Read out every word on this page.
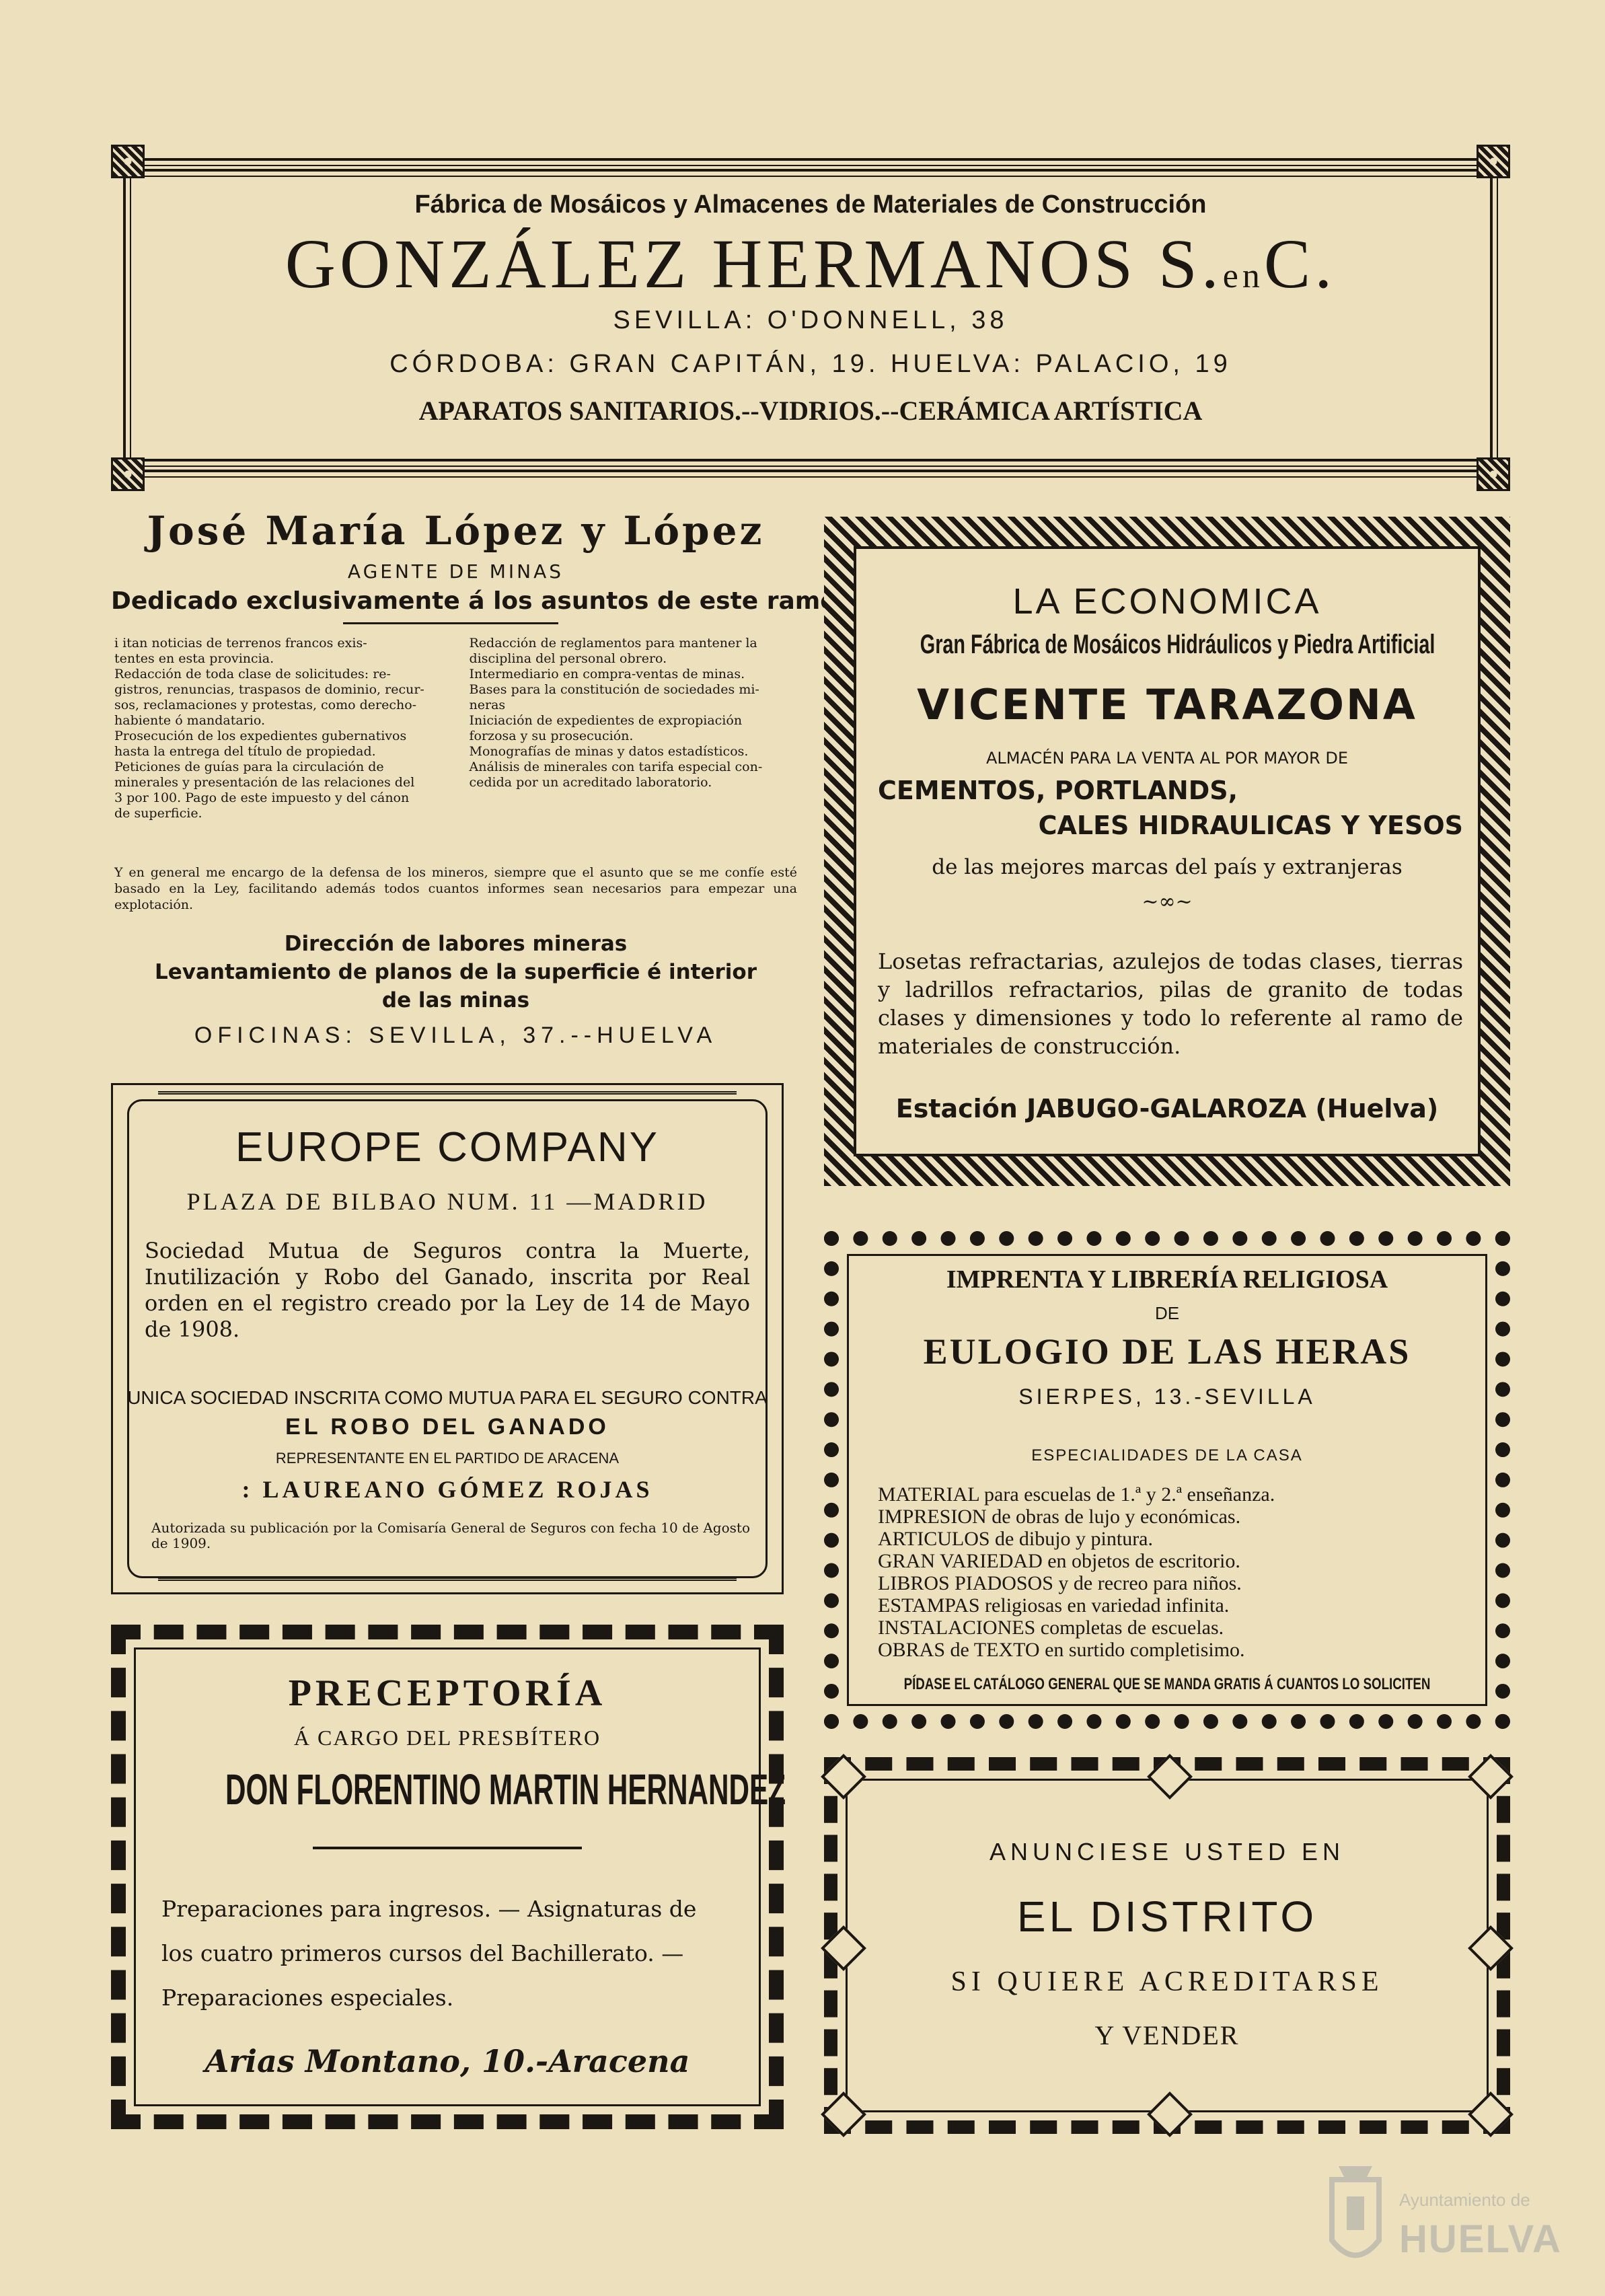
Fábrica de Mosáicos y Almacenes de Materiales de Construcción
GONZÁLEZ HERMANOS S.enC.
SEVILLA: O'DONNELL, 38
CÓRDOBA: GRAN CAPITÁN, 19. HUELVA: PALACIO, 19
APARATOS SANITARIOS.--VIDRIOS.--CERÁMICA ARTÍSTICA
José María López y López
AGENTE DE MINAS
Dedicado exclusivamente á los asuntos de este ramo
i itan noticias de terrenos francos exis-
tentes en esta provincia.
Redacción de toda clase de solicitudes: re-
gistros, renuncias, traspasos de dominio, recur-
sos, reclamaciones y protestas, como derecho-
habiente ó mandatario.
Prosecución de los expedientes gubernativos
hasta la entrega del título de propiedad.
Peticiones de guías para la circulación de
minerales y presentación de las relaciones del
3 por 100. Pago de este impuesto y del cánon
de superficie.
Redacción de reglamentos para mantener la
disciplina del personal obrero.
Intermediario en compra-ventas de minas.
Bases para la constitución de sociedades mi-
neras
Iniciación de expedientes de expropiación
forzosa y su prosecución.
Monografías de minas y datos estadísticos.
Análisis de minerales con tarifa especial con-
cedida por un acreditado laboratorio.
Y en general me encargo de la defensa de los mineros, siempre que el asunto que se me confíe esté basado en la Ley, facilitando además todos cuantos informes sean necesarios para empezar una explotación.
Dirección de labores mineras
Levantamiento de planos de la superficie é interior
de las minas
OFICINAS: SEVILLA, 37.--HUELVA
LA ECONOMICA
Gran Fábrica de Mosáicos Hidráulicos y Piedra Artificial
VICENTE TARAZONA
ALMACÉN PARA LA VENTA AL POR MAYOR DE
CEMENTOS, PORTLANDS,
CALES HIDRAULICAS Y YESOS
de las mejores marcas del país y extranjeras
~∞~
Losetas refractarias, azulejos de todas clases, tierras y ladrillos refractarios, pilas de granito de todas clases y dimensiones y todo lo referente al ramo de materiales de construcción.
Estación JABUGO-GALAROZA (Huelva)
EUROPE COMPANY
PLAZA DE BILBAO NUM. 11 —MADRID
Sociedad Mutua de Seguros contra la Muerte, Inutilización y Robo del Ganado, inscrita por Real orden en el registro creado por la Ley de 14 de Mayo de 1908.
UNICA SOCIEDAD INSCRITA COMO MUTUA PARA EL SEGURO CONTRA
EL ROBO DEL GANADO
REPRESENTANTE EN EL PARTIDO DE ARACENA
: LAUREANO GÓMEZ ROJAS
Autorizada su publicación por la Comisaría General de Seguros con fecha 10 de Agosto de 1909.
IMPRENTA Y LIBRERÍA RELIGIOSA
DE
EULOGIO DE LAS HERAS
SIERPES, 13.-SEVILLA
ESPECIALIDADES DE LA CASA
MATERIAL para escuelas de 1.ª y 2.ª enseñanza.
IMPRESION de obras de lujo y económicas.
ARTICULOS de dibujo y pintura.
GRAN VARIEDAD en objetos de escritorio.
LIBROS PIADOSOS y de recreo para niños.
ESTAMPAS religiosas en variedad infinita.
INSTALACIONES completas de escuelas.
OBRAS de TEXTO en surtido completisimo.
PÍDASE EL CATÁLOGO GENERAL QUE SE MANDA GRATIS Á CUANTOS LO SOLICITEN
PRECEPTORÍA
Á CARGO DEL PRESBÍTERO
DON FLORENTINO MARTIN HERNANDEZ
Preparaciones para ingresos. — Asignaturas de los cuatro primeros cursos del Bachillerato. — Preparaciones especiales.
Arias Montano, 10.-Aracena
ANUNCIESE USTED EN
EL DISTRITO
SI QUIERE ACREDITARSE
Y VENDER
Ayuntamiento de
HUELVA
